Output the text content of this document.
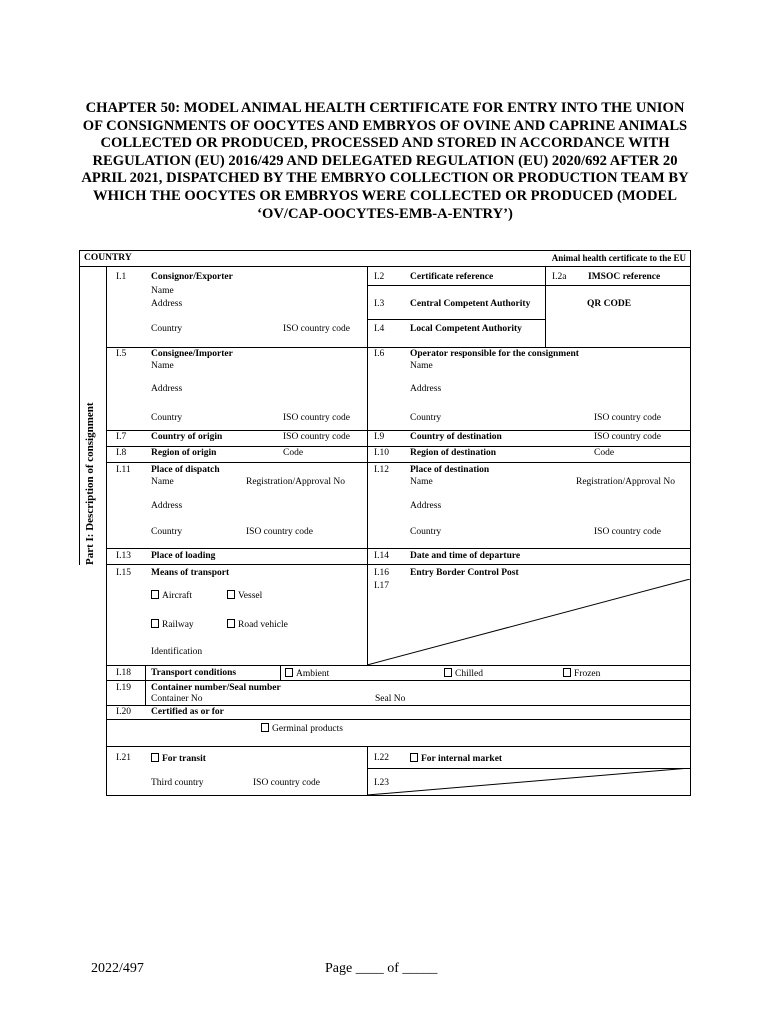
CHAPTER 50: MODEL ANIMAL HEALTH CERTIFICATE FOR ENTRY INTO THE UNION OF CONSIGNMENTS OF OOCYTES AND EMBRYOS OF OVINE AND CAPRINE ANIMALS COLLECTED OR PRODUCED, PROCESSED AND STORED IN ACCORDANCE WITH REGULATION (EU) 2016/429 AND DELEGATED REGULATION (EU) 2020/692 AFTER 20 APRIL 2021, DISPATCHED BY THE EMBRYO COLLECTION OR PRODUCTION TEAM BY WHICH THE OOCYTES OR EMBRYOS WERE COLLECTED OR PRODUCED (MODEL ‘OV/CAP-OOCYTES-EMB-A-ENTRY’)
COUNTRY	Animal health certificate to the EU
Part I: Description of consignment
I.1	Consignor/Exporter
Name
Address
Country	ISO country code
I.2	Certificate reference	I.2a IMSOC reference
QR CODE
I.3	Central Competent Authority
I.4	Local Competent Authority
I.5	Consignee/Importer
Name
Address
Country	ISO country code
I.6	Operator responsible for the consignment
Name
Address
Country	ISO country code
I.7	Country of origin	ISO country code	I.9	Country of destination	ISO country code
I.8	Region of origin	Code	I.10 Region of destination	Code
I.11 Place of dispatch
Name	Registration/Approval No
Address
Country	ISO country code
I.12 Place of destination
Name	Registration/Approval No
Address
Country	ISO country code
I.13 Place of loading	I.14 Date and time of departure
I.15 Means of transport
Aircraft	Vessel
Railway	Road vehicle
Identification
I.16 Entry Border Control Post
I.17
I.18 Transport conditions	Ambient	Chilled	Frozen
I.19 Container number/Seal number
Container No	Seal No
I.20 Certified as or for
Germinal products
I.21	For transit
Third country	ISO country code
I.22	For internal market
I.23
2022/497	Page ____ of _____
